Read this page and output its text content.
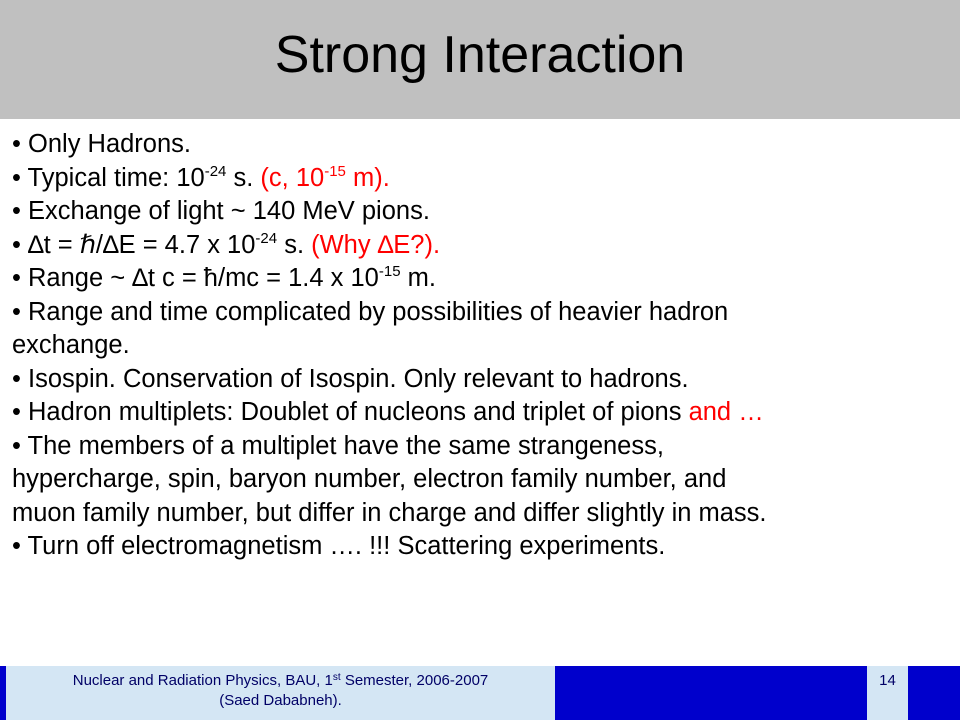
Strong Interaction

• Only Hadrons.

• Typical time: $10^{-24}$ s. (c, $10^{-15}$ m).

• Exchange of light ~ 140 MeV pions.

• ∆t = ℏ/∆E = 4.7 x $10^{-24}$ s. (Why ∆E?).

• Range ~ ∆t c = ħ/mc = 1.4 x $10^{-15}$ m.

• Range and time complicated by possibilities of heavier hadron

exchange.

• Isospin. Conservation of Isospin. Only relevant to hadrons.

• Hadron multiplets: Doublet of nucleons and triplet of pions and …

• The members of a multiplet have the same strangeness,

hypercharge, spin, baryon number, electron family number, and

muon family number, but differ in charge and differ slightly in mass.

• Turn off electromagnetism …. !!! Scattering experiments.

Nuclear and Radiation Physics, BAU, 1st Semester, 2006-2007
(Saed Dababneh).
14
